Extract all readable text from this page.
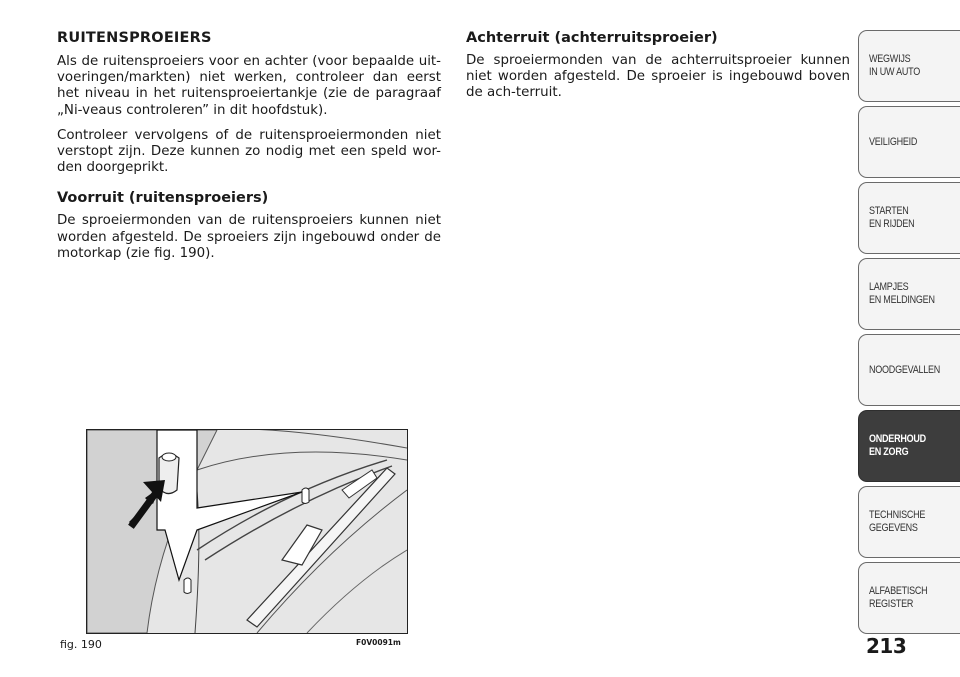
RUITENSPROEIERS

Als de ruitensproeiers voor en achter (voor bepaalde uit-voeringen/markten) niet werken, controleer dan eerst het niveau in het ruitensproeiertankje (zie de paragraaf „Ni-veaus controleren” in dit hoofdstuk).

Controleer vervolgens of de ruitensproeiermonden niet verstopt zijn. Deze kunnen zo nodig met een speld wor-den doorgeprikt.

Voorruit (ruitensproeiers)

De sproeiermonden van de ruitensproeiers kunnen niet worden afgesteld. De sproeiers zijn ingebouwd onder de motorkap (zie fig. 190).

Achterruit (achterruitsproeier)

De sproeiermonden van de achterruitsproeier kunnen niet worden afgesteld. De sproeier is ingebouwd boven de ach-terruit.

fig. 190	F0V0091m	213
WEGWIJS
IN UW AUTO
VEILIGHEID
STARTEN
EN RIJDEN
LAMPJES
EN MELDINGEN
NOODGEVALLEN
ONDERHOUD
EN ZORG
TECHNISCHE
GEGEVENS
ALFABETISCH
REGISTER
